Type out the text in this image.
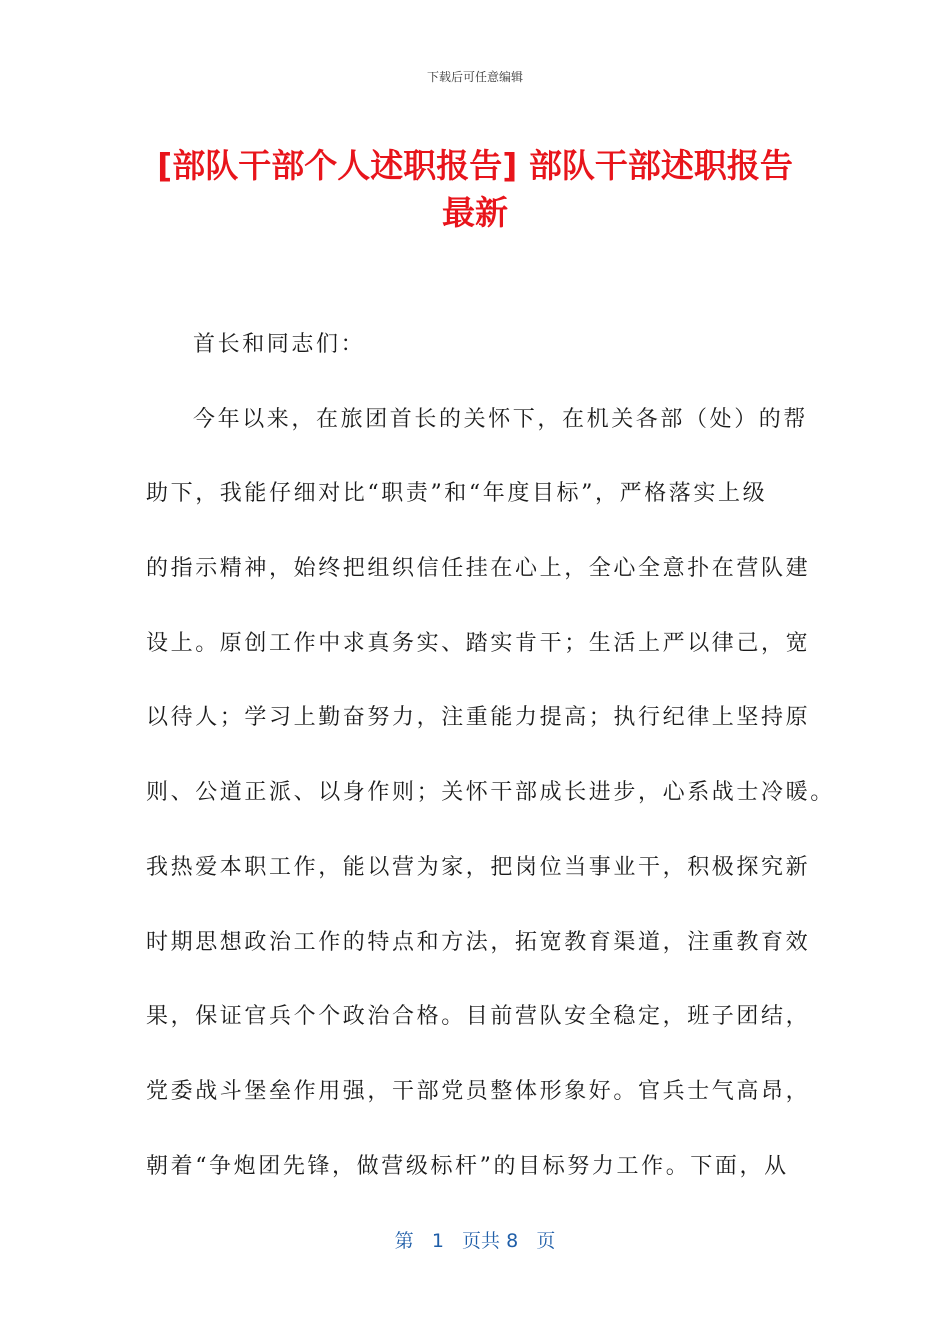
下载后可任意编辑
[部队干部个人述职报告] 部队干部述职报告
最新
首长和同志们：
今年以来，在旅团首长的关怀下，在机关各部（处）的帮
助下，我能仔细对比“职责”和“年度目标”，严格落实上级
的指示精神，始终把组织信任挂在心上，全心全意扑在营队建
设上。原创工作中求真务实、踏实肯干；生活上严以律己，宽
以待人；学习上勤奋努力，注重能力提高；执行纪律上坚持原
则、公道正派、以身作则；关怀干部成长进步，心系战士冷暖。
我热爱本职工作，能以营为家，把岗位当事业干，积极探究新
时期思想政治工作的特点和方法，拓宽教育渠道，注重教育效
果，保证官兵个个政治合格。目前营队安全稳定，班子团结，
党委战斗堡垒作用强，干部党员整体形象好。官兵士气高昂，
朝着“争炮团先锋，做营级标杆”的目标努力工作。下面，从
第 1 页共 8 页
